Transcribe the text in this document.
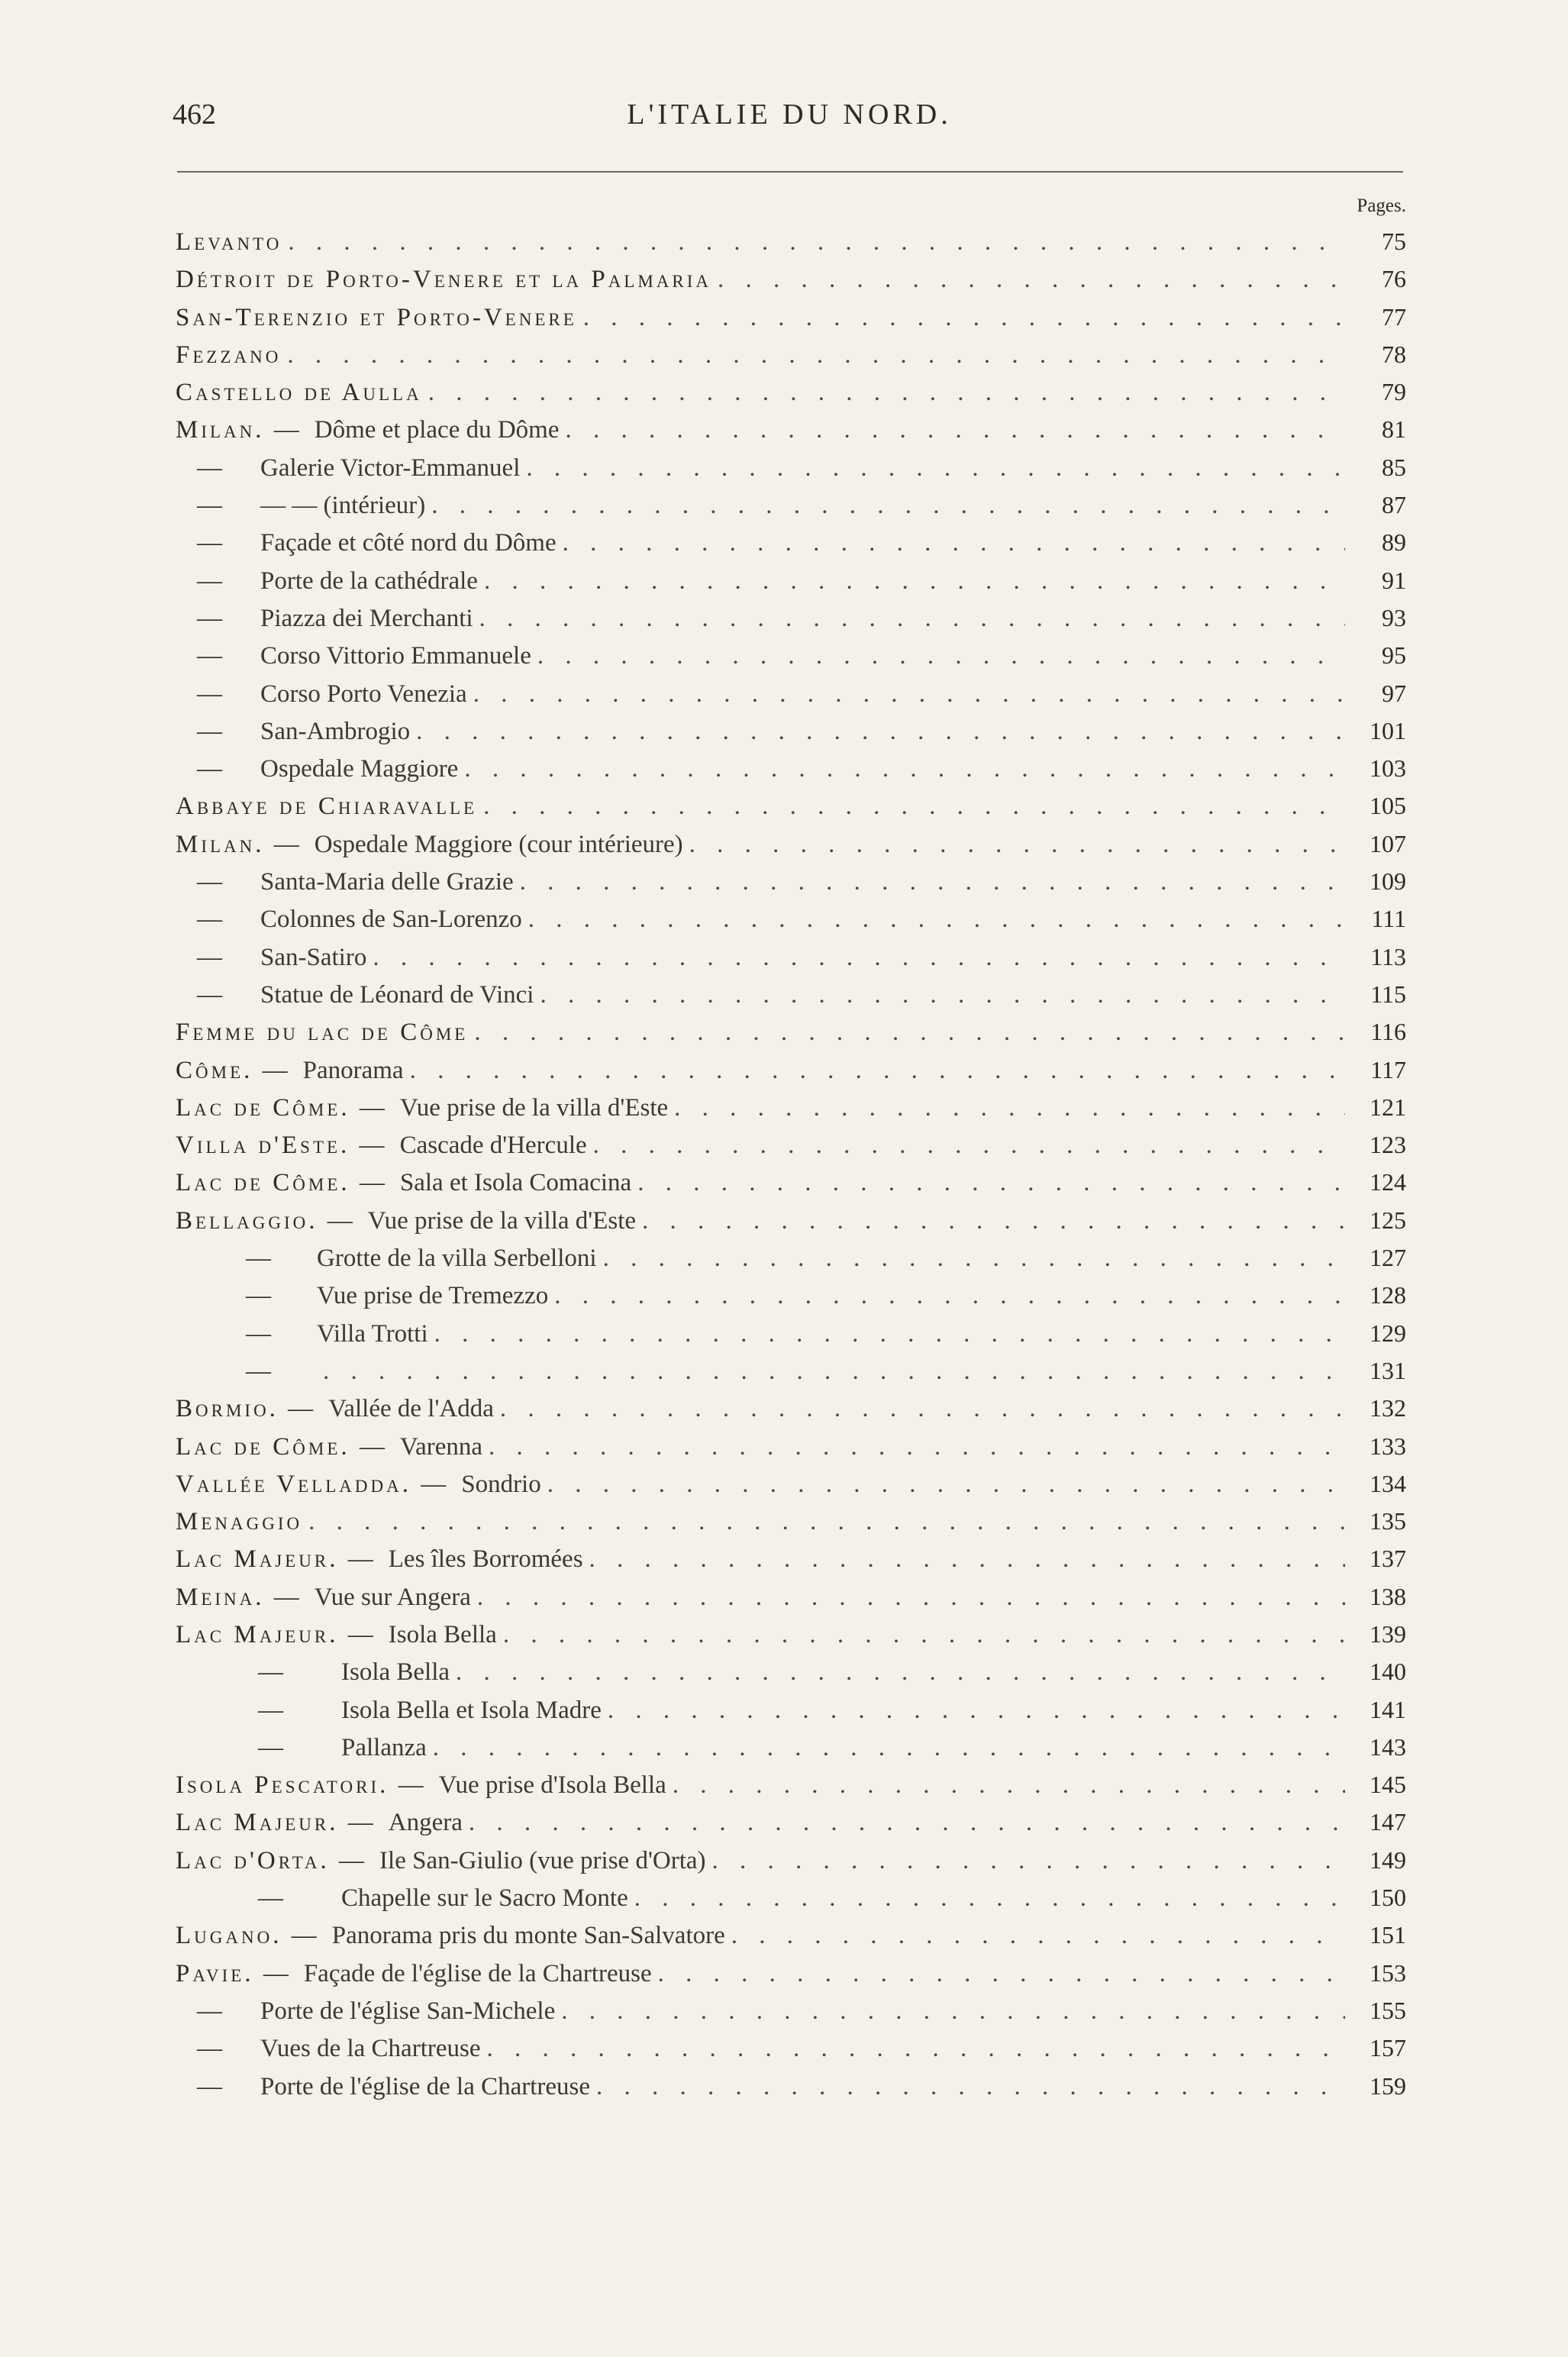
462	L'ITALIE DU NORD.
Pages.
Levanto . . .	75
Détroit de Porto-Venere et la Palmaria . . .	76
San-Terenzio et Porto-Venere . . .	77
Fezzano . . .	78
Castello de Aulla . . .	79
Milan. — Dôme et place du Dôme . . .	81
— Galerie Victor-Emmanuel . . .	85
— — — (intérieur) . . .	87
— Façade et côté nord du Dôme . . .	89
— Porte de la cathédrale . . .	91
— Piazza dei Merchanti . . .	93
— Corso Vittorio Emmanuele . . .	95
— Corso Porto Venezia . . .	97
— San-Ambrogio . . .	101
— Ospedale Maggiore . . .	103
Abbaye de Chiaravalle . . .	105
Milan. — Ospedale Maggiore (cour intérieure) . . .	107
— Santa-Maria delle Grazie . . .	109
— Colonnes de San-Lorenzo . . .	111
— San-Satiro . . .	113
— Statue de Léonard de Vinci . . .	115
Femme du lac de Côme . . .	116
Côme. — Panorama . . .	117
Lac de Côme. — Vue prise de la villa d'Este . . .	121
Villa d'Este. — Cascade d'Hercule . . .	123
Lac de Côme. — Sala et Isola Comacina . . .	124
Bellaggio. — Vue prise de la villa d'Este . . .	125
— Grotte de la villa Serbelloni . . .	127
— Vue prise de Tremezzo . . .	128
— Villa Trotti . . .	129
— . . .	131
Bormio. — Vallée de l'Adda . . .	132
Lac de Côme. — Varenna . . .	133
Vallée Velladda. — Sondrio . . .	134
Menaggio . . .	135
Lac Majeur. — Les îles Borromées . . .	137
Meina. — Vue sur Angera . . .	138
Lac Majeur. — Isola Bella . . .	139
— Isola Bella . . .	140
— Isola Bella et Isola Madre . . .	141
— Pallanza . . .	143
Isola Pescatori. — Vue prise d'Isola Bella . . .	145
Lac Majeur. — Angera . . .	147
Lac d'Orta. — Ile San-Giulio (vue prise d'Orta) . . .	149
— Chapelle sur le Sacro Monte . . .	150
Lugano. — Panorama pris du monte San-Salvatore . . .	151
Pavie. — Façade de l'église de la Chartreuse . . .	153
— Porte de l'église San-Michele . . .	155
— Vues de la Chartreuse . . .	157
— Porte de l'église de la Chartreuse . . .	159
